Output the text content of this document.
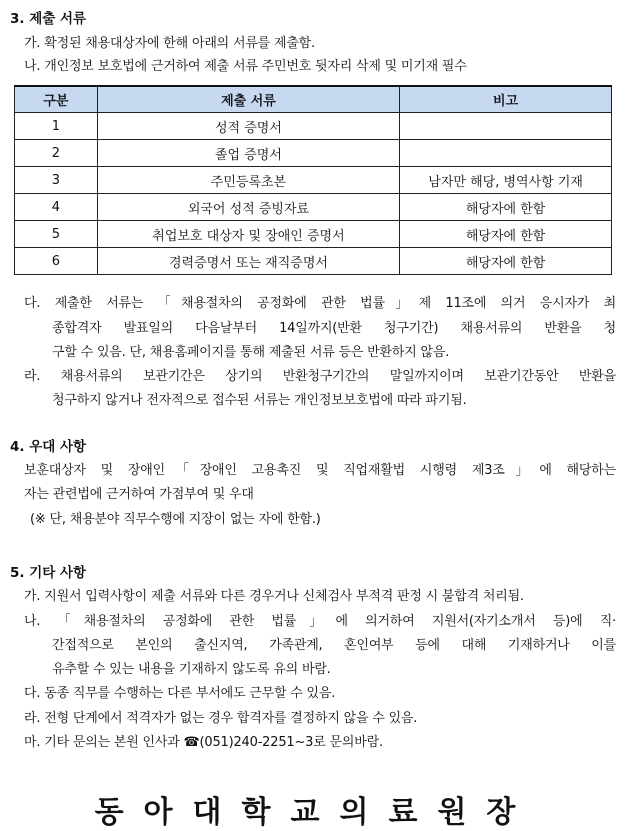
3. 제출 서류
가. 확정된 채용대상자에 한해 아래의 서류를 제출함.
나. 개인정보 보호법에 근거하여 제출 서류 주민번호 뒷자리 삭제 및 미기재 필수
구분	제출 서류	비고
1	성적 증명서	
2	졸업 증명서	
3	주민등록초본	남자만 해당, 병역사항 기재
4	외국어 성적 증빙자료	해당자에 한함
5	취업보호 대상자 및 장애인 증명서	해당자에 한함
6	경력증명서 또는 재직증명서	해당자에 한함
다. 제출한 서류는 「채용절차의 공정화에 관한 법률」제 11조에 의거 응시자가 최
종합격자 발표일의 다음날부터 14일까지(반환 청구기간) 채용서류의 반환을 청
구할 수 있음. 단, 채용홈페이지를 통해 제출된 서류 등은 반환하지 않음.
라. 채용서류의 보관기간은 상기의 반환청구기간의 말일까지이며 보관기간동안 반환을
청구하지 않거나 전자적으로 접수된 서류는 개인정보보호법에 따라 파기됨.
4. 우대 사항
보훈대상자 및 장애인「장애인 고용촉진 및 직업재활법 시행령 제3조」에 해당하는
자는 관련법에 근거하여 가점부여 및 우대
(※ 단, 채용분야 직무수행에 지장이 없는 자에 한함.)
5. 기타 사항
가. 지원서 입력사항이 제출 서류와 다른 경우거나 신체검사 부적격 판정 시 불합격 처리됨.
나. 「채용절차의 공정화에 관한 법률」에 의거하여 지원서(자기소개서 등)에 직·
간접적으로 본인의 출신지역, 가족관계, 혼인여부 등에 대해 기재하거나 이를
유추할 수 있는 내용을 기재하지 않도록 유의 바람.
다. 동종 직무를 수행하는 다른 부서에도 근무할 수 있음.
라. 전형 단계에서 적격자가 없는 경우 합격자를 결정하지 않을 수 있음.
마. 기타 문의는 본원 인사과 ☎(051)240-2251~3로 문의바람.
동아대학교의료원장
